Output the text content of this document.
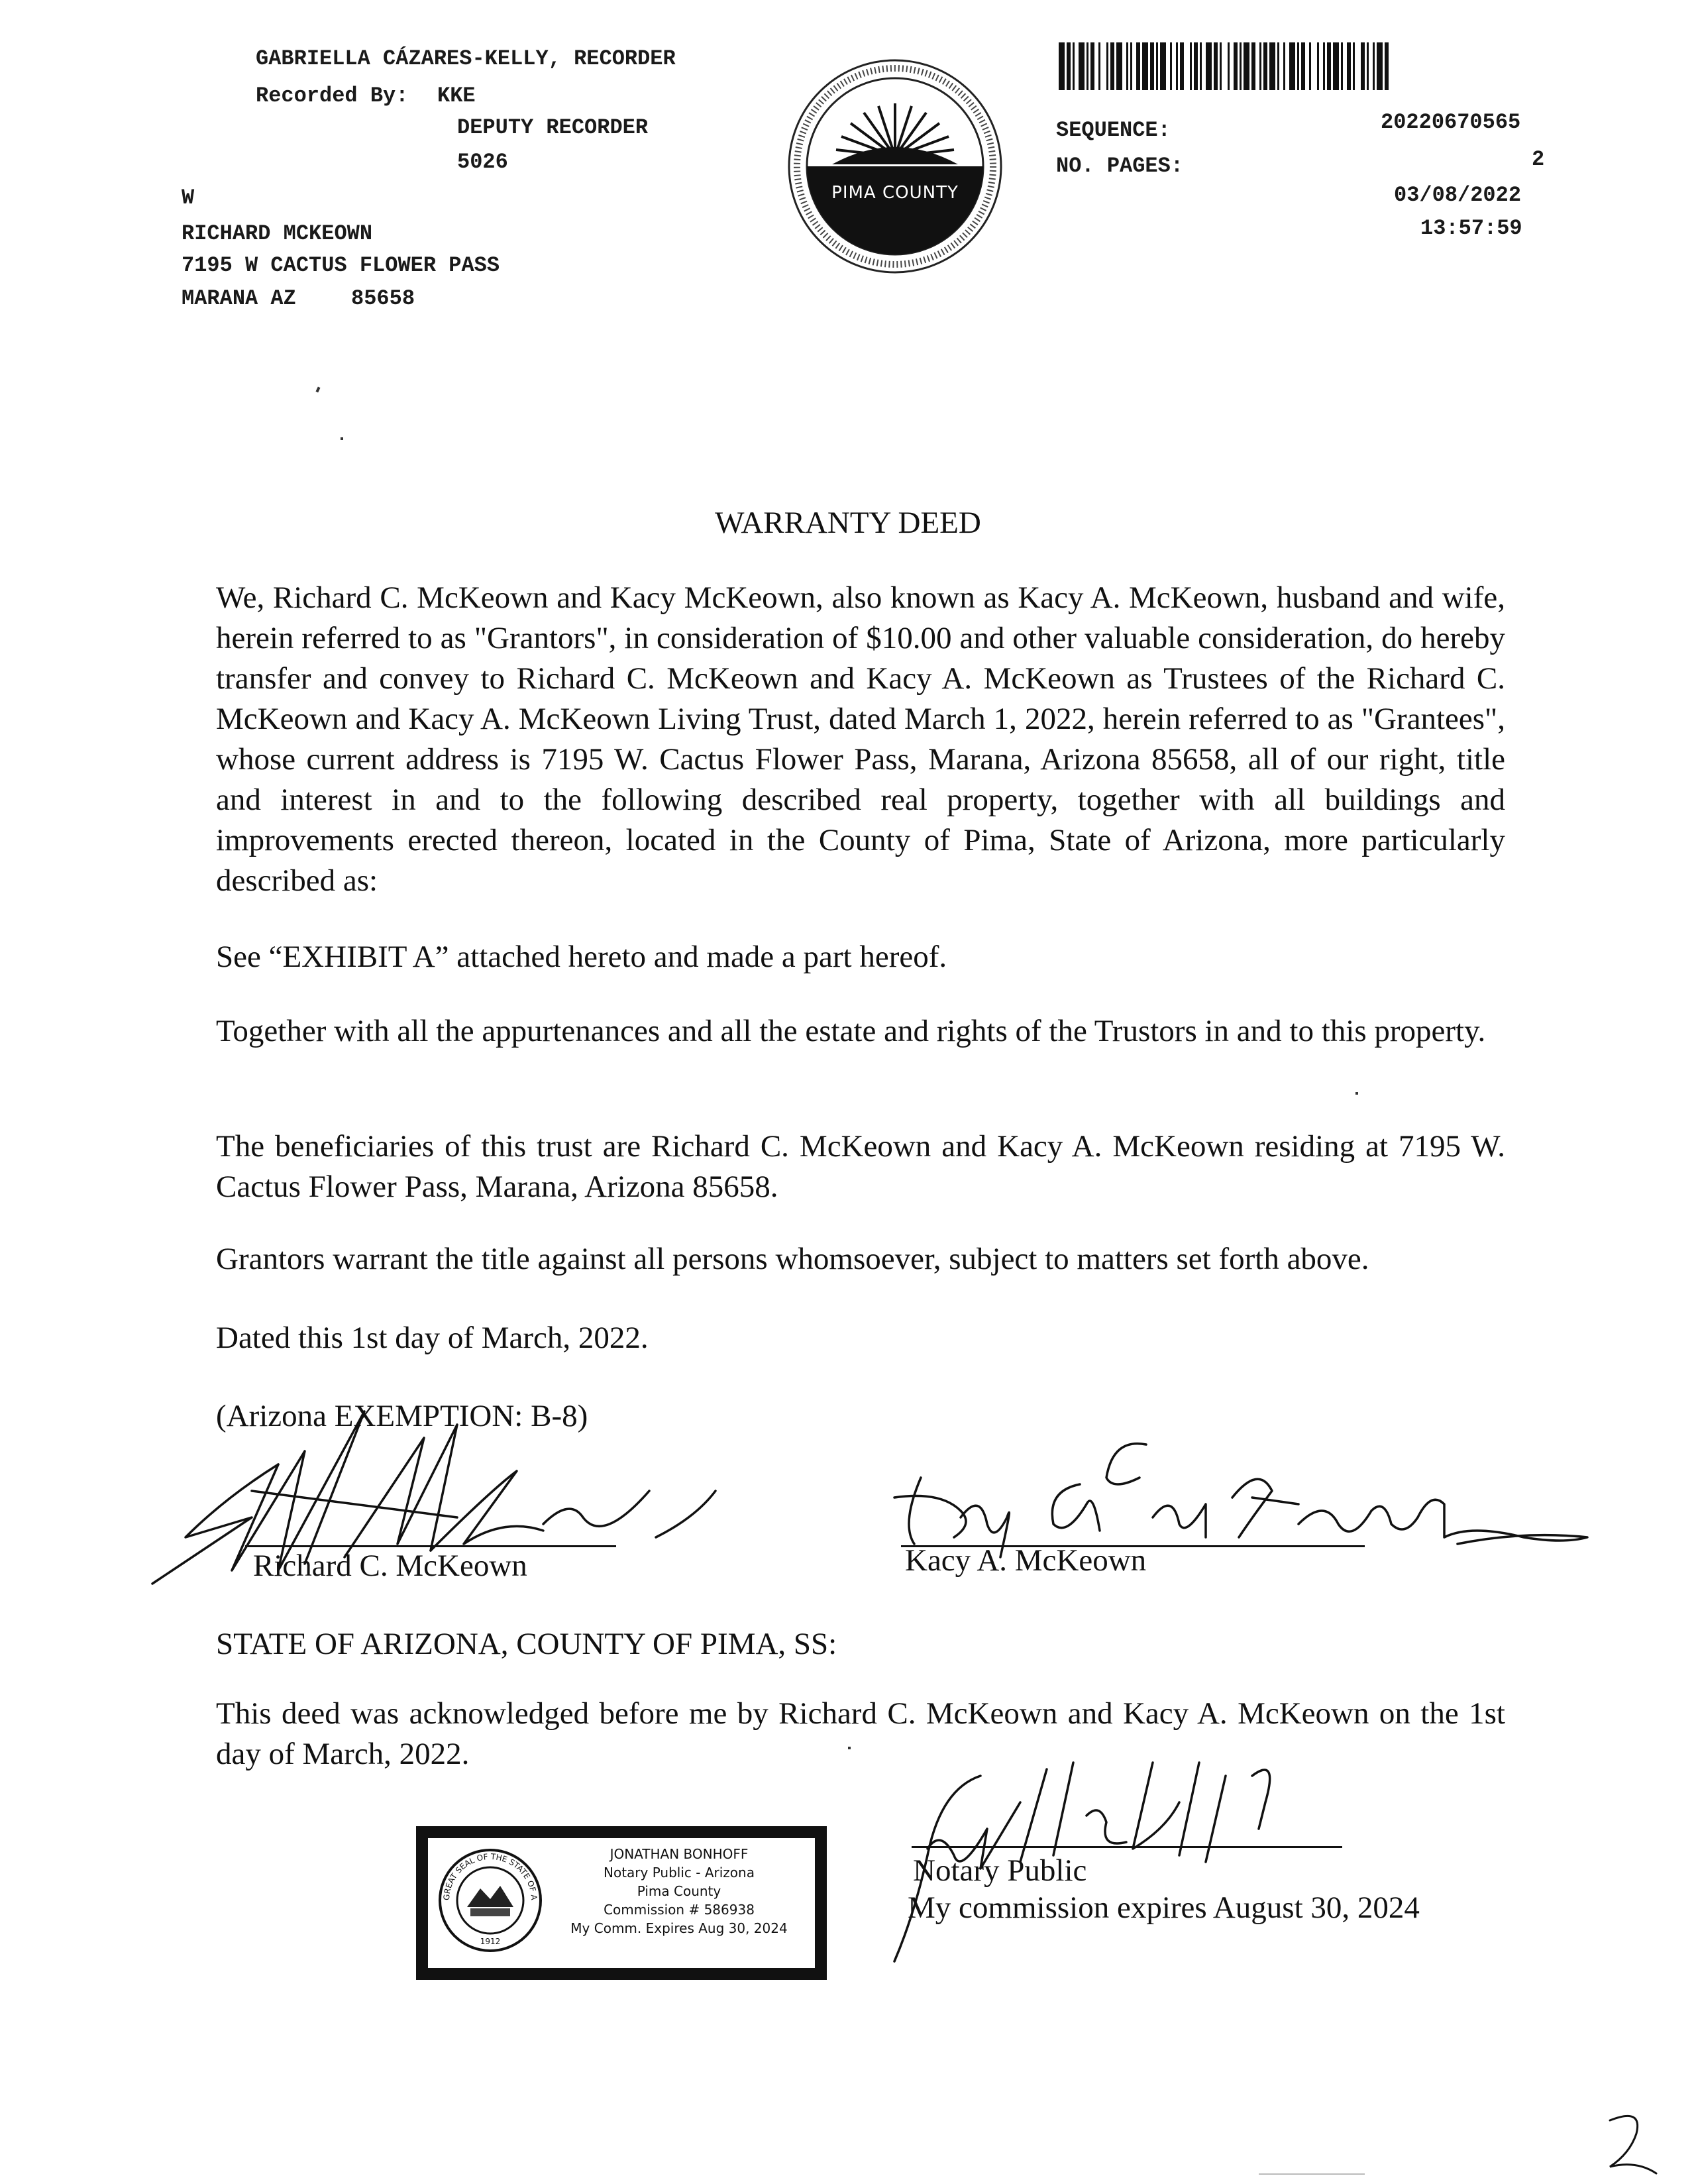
GABRIELLA CÁZARES-KELLY, RECORDER
Recorded By: KKE
DEPUTY RECORDER
5026
W
RICHARD MCKEOWN
7195 W CACTUS FLOWER PASS
MARANA AZ	85658
PIMA COUNTY
SEQUENCE:	20220670565
NO. PAGES:	2
03/08/2022
13:57:59
WARRANTY DEED
We, Richard C. McKeown and Kacy McKeown, also known as Kacy A. McKeown, husband and wife, herein referred to as "Grantors", in consideration of $10.00 and other valuable consideration, do hereby transfer and convey to Richard C. McKeown and Kacy A. McKeown as Trustees of the Richard C. McKeown and Kacy A. McKeown Living Trust, dated March 1, 2022, herein referred to as "Grantees", whose current address is 7195 W. Cactus Flower Pass, Marana, Arizona 85658, all of our right, title and interest in and to the following described real property, together with all buildings and improvements erected thereon, located in the County of Pima, State of Arizona, more particularly described as:
See “EXHIBIT A” attached hereto and made a part hereof.
Together with all the appurtenances and all the estate and rights of the Trustors in and to this property.
The beneficiaries of this trust are Richard C. McKeown and Kacy A. McKeown residing at 7195 W. Cactus Flower Pass, Marana, Arizona 85658.
Grantors warrant the title against all persons whomsoever, subject to matters set forth above.
Dated this 1st day of March, 2022.
(Arizona EXEMPTION: B-8)
Richard C. McKeown	Kacy A. McKeown
STATE OF ARIZONA, COUNTY OF PIMA, SS:
This deed was acknowledged before me by Richard C. McKeown and Kacy A. McKeown on the 1st day of March, 2022.
Notary Public
My commission expires August 30, 2024
GREAT SEAL OF THE STATE OF ARIZONA
1912
JONATHAN BONHOFF
Notary Public - Arizona
Pima County
Commission # 586938
My Comm. Expires Aug 30, 2024
